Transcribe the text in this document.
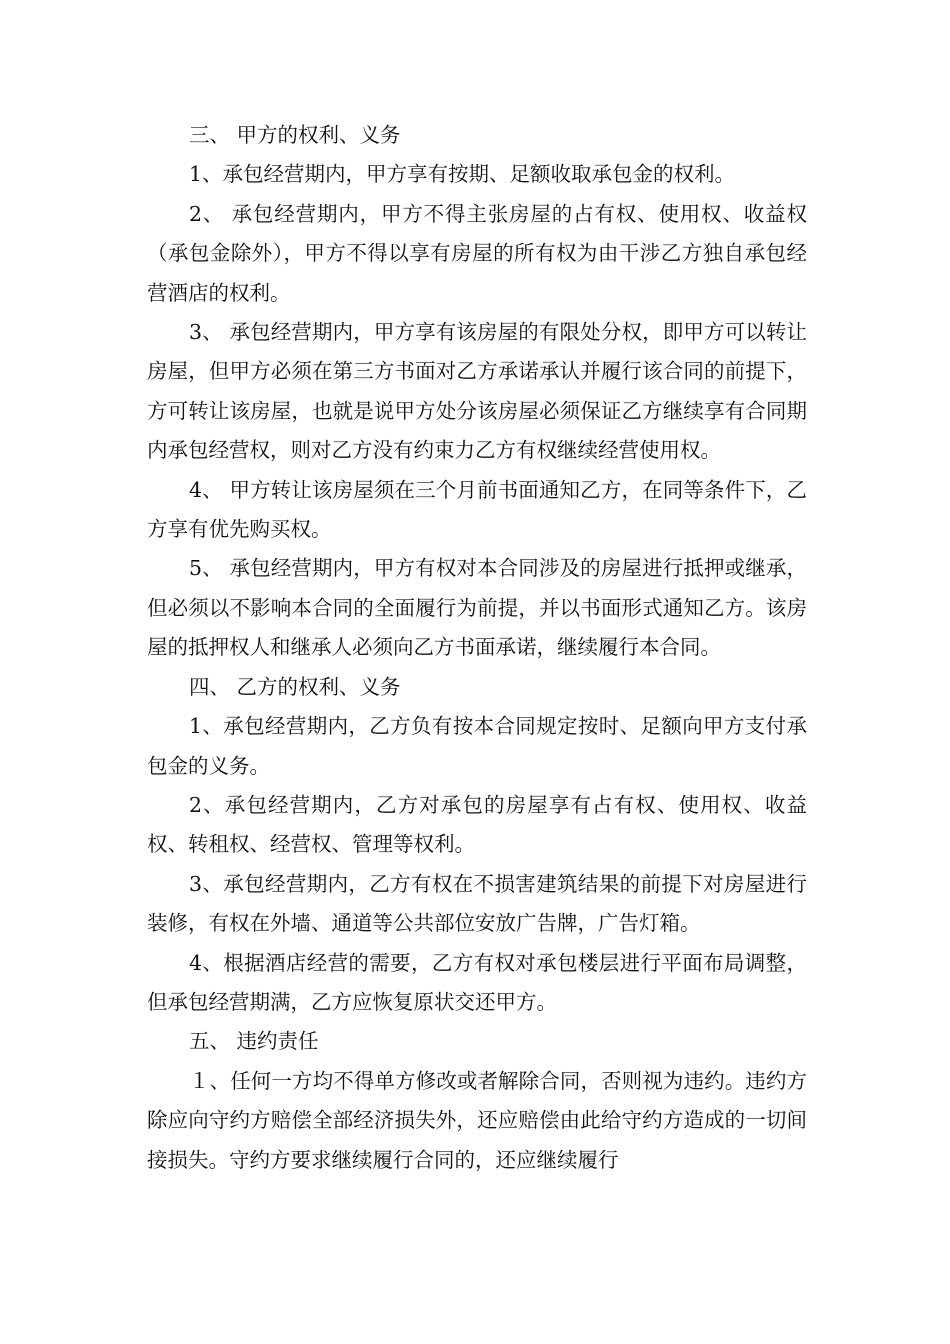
三、 甲方的权利、义务

1、承包经营期内，甲方享有按期、足额收取承包金的权利。

2、 承包经营期内，甲方不得主张房屋的占有权、使用权、收益权（承包金除外），甲方不得以享有房屋的所有权为由干涉乙方独自承包经营酒店的权利。

3、 承包经营期内，甲方享有该房屋的有限处分权，即甲方可以转让房屋，但甲方必须在第三方书面对乙方承诺承认并履行该合同的前提下，方可转让该房屋，也就是说甲方处分该房屋必须保证乙方继续享有合同期内承包经营权，则对乙方没有约束力乙方有权继续经营使用权。

4、 甲方转让该房屋须在三个月前书面通知乙方，在同等条件下，乙方享有优先购买权。

5、 承包经营期内，甲方有权对本合同涉及的房屋进行抵押或继承，但必须以不影响本合同的全面履行为前提，并以书面形式通知乙方。该房屋的抵押权人和继承人必须向乙方书面承诺，继续履行本合同。

四、 乙方的权利、义务

1、承包经营期内，乙方负有按本合同规定按时、足额向甲方支付承包金的义务。

2、承包经营期内，乙方对承包的房屋享有占有权、使用权、收益权、转租权、经营权、管理等权利。

3、承包经营期内，乙方有权在不损害建筑结果的前提下对房屋进行装修，有权在外墙、通道等公共部位安放广告牌，广告灯箱。

4、根据酒店经营的需要，乙方有权对承包楼层进行平面布局调整，但承包经营期满，乙方应恢复原状交还甲方。

五、 违约责任

１、任何一方均不得单方修改或者解除合同，否则视为违约。违约方除应向守约方赔偿全部经济损失外，还应赔偿由此给守约方造成的一切间接损失。守约方要求继续履行合同的，还应继续履行
